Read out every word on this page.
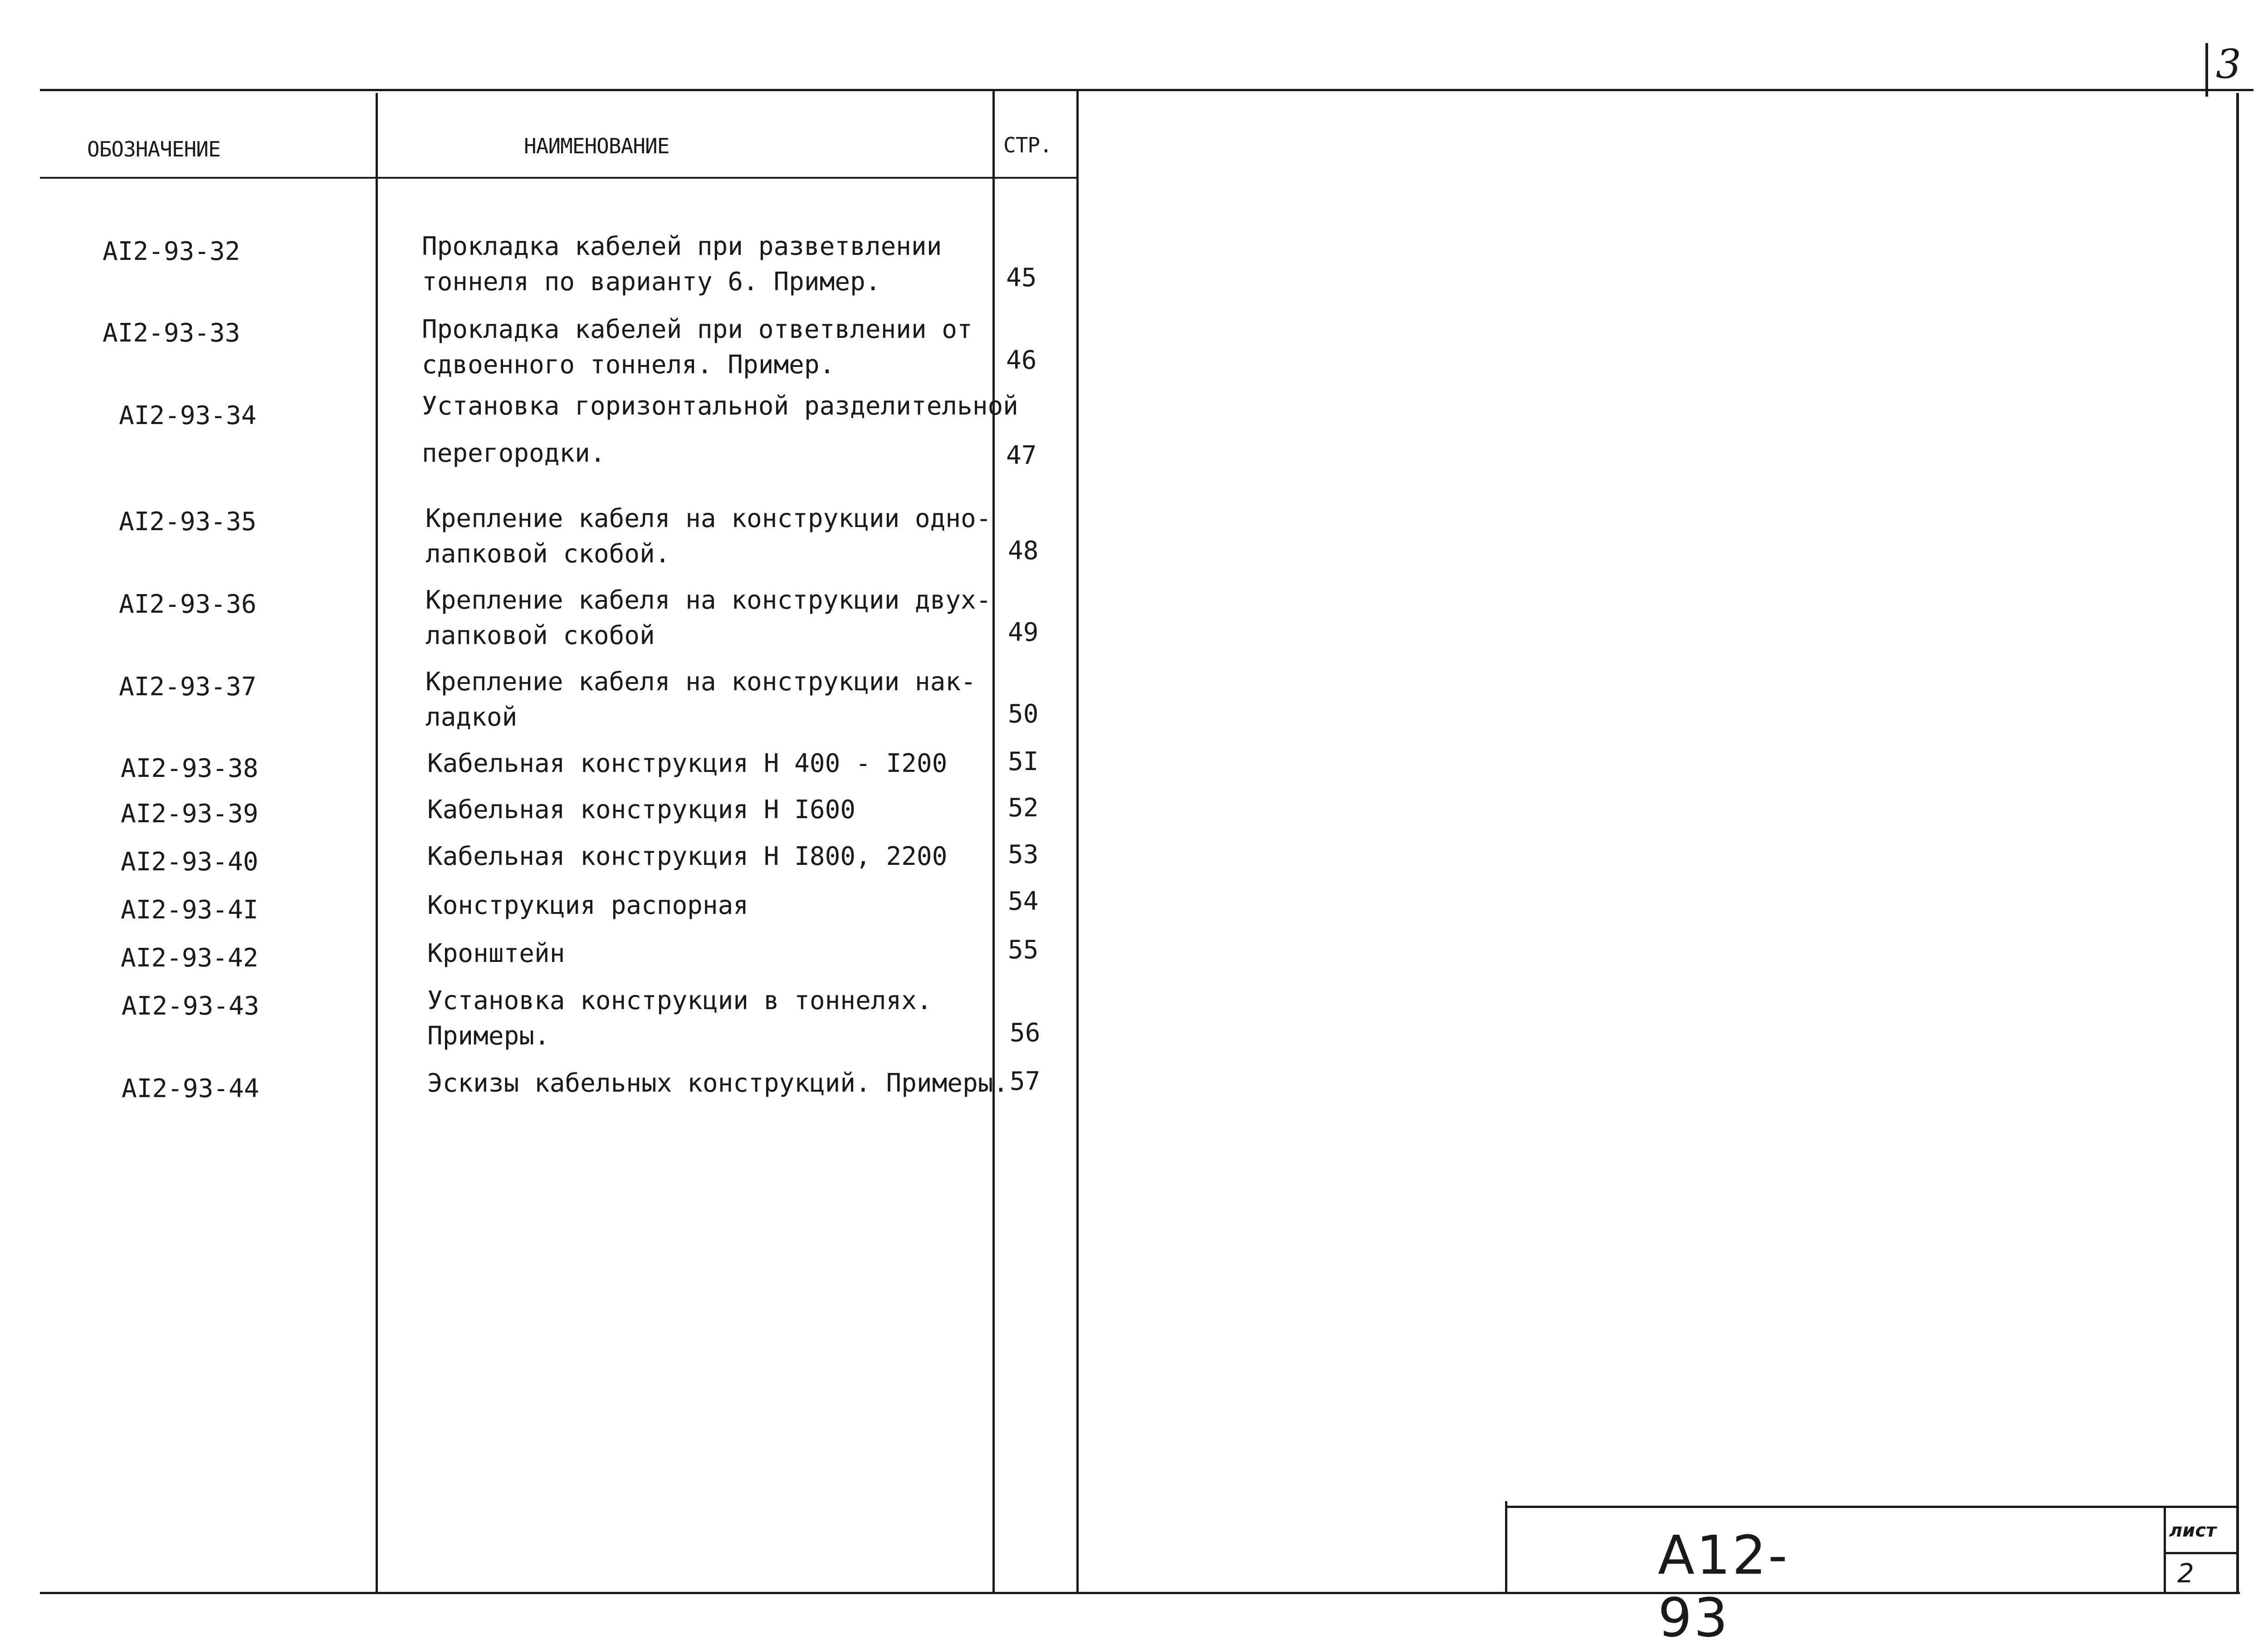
3
ОБОЗНАЧЕНИЕ	НАИМЕНОВАНИЕ	СТР.
АI2-93-32	Прокладка кабелей при разветвлении
тоннеля по варианту 6. Пример.	45
АI2-93-33	Прокладка кабелей при ответвлении от
сдвоенного тоннеля. Пример.	46
АI2-93-34	Установка горизонтальной разделительной

перегородки.	47
АI2-93-35	Крепление кабеля на конструкции одно-
лапковой скобой.	48
АI2-93-36	Крепление кабеля на конструкции двух-
лапковой скобой	49
АI2-93-37	Крепление кабеля на конструкции нак-
ладкой	50
АI2-93-38	Кабельная конструкция Н 400 - I200 5I
АI2-93-39	Кабельная конструкция Н I600	52
АI2-93-40	Кабельная конструкция Н I800, 2200 53
АI2-93-4I	Конструкция распорная	54
АI2-93-42	Кронштейн	55
АI2-93-43	Установка конструкции в тоннелях.
Примеры.	56
АI2-93-44	Эскизы кабельных конструкций. Примеры. 57
А12-93
лист
2
